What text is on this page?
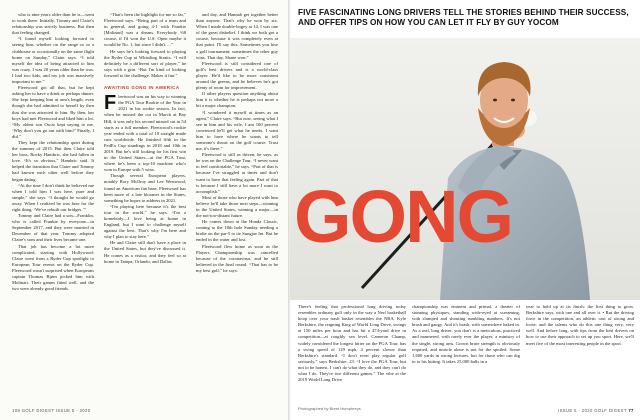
who is nine years older than he is—went to work there. Initially, Tommy and Claire's relationship was strictly business. But then that feeling changed.

“I found myself looking forward to seeing him, whether on the range or in a clubhouse or occasionally on the same flight home on Sunday,” Claire says. “I told myself the idea of being attracted to him was crazy. I was 20 years older than he was. I had two kids, and my job was massively important to me.”

Fleetwood got all that, but he kept asking her to have a drink or perhaps dinner. She kept keeping him at arm's length, even though she had admitted to herself by then that she was attracted to him. By then, her boys had met Fleetwood and liked him a lot. “My oldest son Oscar kept saying to me, ‘Why don't you go out with him?’ Finally, I did.”

They kept the relationship quiet during the summer of 2015. But then Claire told her boss, Rocky Hambric, she had fallen in love. “It's so obvious,” Hambric said. It helped the transition that Claire and Tommy had known each other well before they began dating.

“At the time I don't think he believed me when I told him I was here, pure and simple,” she says. “I thought he would go away. When I realized he was here for the right thing, ‘We've rebuilt our bridges.’”

Tommy and Claire had a son—Franklin, who is called Frankie by everyone—in September 2017, and they were married in December of that year. Tommy adopted Claire's sons and their lives became one.

That job has become a lot more complicated, starting with Hollywood: Claire went from a Ryder Cup spotlight to European Tour events on the Ryder Cup. Fleetwood wasn't surprised when Europeans captain Thomas Bjørn picked him with Molinari. Their games fitted well, and the two were already good friends.

“That's been the highlight for me so far,” Fleetwood says. “Being part of a team and in general, and going 4-1 with Frankie [Molinari] was a dream. Everybody ‘68 course, if I'd won the U.S. Open maybe it would be No. 1, but since I didn't.…”

He says he's looking forward to playing the Ryder Cup at Whistling Straits. “I will definitely be a different sort of player,” he says with a grin. “But I'm kind of looking forward to the challenge. Makes it fun.”

AWAITING GONG IN AMERICA

Fleetwood was on his way to winning the PGA Tour Rookie of the Year in 2021 in his rookie season. In fact, when he missed the cut in March at Bay Hill, it was only his second missed cut in 54 starts as a full member. Fleetwood's rookie year ended with a total of 10 straight made cuts worldwide. He finished fifth in the FedEx Cup standings in 2018 and 10th in 2019. But he's still looking for his first win in the United States—at the PGA Tour, where he's been a top-10 machine who's won in Europe with 5 wins.

Though several European players, notably Rory McIlroy and Lee Westwood, found an American fan base, Fleetwood has been more of a late bloomer in the States, something he hopes to address in 2021.

“I'm playing here because it's the best tour in the world,” he says. “I'm a homebody—I love being at home in England, but I want to challenge myself against the best. That's why I'm here and why I plan to stay here.”

He and Claire still don't have a place in the United States, but they've discussed it. He comes as a visitor, and they feel so at home in Tampa, Orlando, and Dallas.

and day, and Hannah get together better than anyone. That's why he won by six. When I made double-bogey at 14, I was one of the great disbelief. I think we both got a course, because it was completely even at that point. I'll say this: Sometimes you lose a golf tournament; sometimes the other guy wins. That day, Shane won.”

Fleetwood is still considered one of golf's best drivers and is a world-class player. He'd like to be more consistent around the greens, and he believes he's got plenty of room for improvement.

If other players question anything about him it is whether he is perhaps not more a hit a major champion.

“I wondered it myself at times as an agent,” Claire says. “But now, seeing what I see in him and his wife, I am 100 percent convinced he'll get what he needs. I want him to have where he wants to tell someone's throat on the golf course. Trust me, it's there.”

Fleetwood is still as driven, he says, as he was on the Challenge Tour. “I never want to feel comfortable,” he says. “Part of that is because I've struggled at times and don't want to have that feeling again. Part of that is because I still have a lot more I want to accomplish.”

Most of those who have played with him believe he'll take those next steps—winning in the United States, winning a major—in the not-too-distant future.

He comes down at the Honda Classic, coming to the 18th hole Sunday needing a birdie on the par-5 to tie Sungjae Im. But he ended in the water and lost.

Fleetwood flew home as soon as the Players Championship was cancelled because of the coronavirus, and he still believed in the final round. “That has to be my best golf,” he says.

108 GOLF DIGEST ISSUE 5 · 2020
FIVE FASCINATING LONG DRIVERS TELL THE STORIES BEHIND THEIR SUCCESS, AND OFFER TIPS ON HOW YOU CAN LET IT FLY BY GUY YOCOM
GONG

There's feeling that professional long driving today resembles ordinary golf only in the way a Nerf basketball hoop over your trash basket resembles the NBA. Kyle Berkshire, the reigning King of World Long Drive, swings at 150 miles per hour and has hit a 474-yard drive in competition—at roughly sea level. Cameron Champ, widely considered the longest hitter on the PGA Tour, has a swing speed of 129 mph, 4 percent slower than Berkshire's standard. “I don't even play regular golf seriously,” says Berkshire, 23. “I love the PGA Tour, but not to be honest. I can't do what they do, and they can't do what I do. They're two different games.” The vibe at the 2019 World Long Drive

championship was eminent and primal, a theater of stunning physiques, standing wide-eyed at screaming, with slumped and shouting rumbling numbers. It's not brash and gaugy. And it's brash, with somewhere baked in. As a real, long driver, you don't is a meticulous, practiced and mannered, with rarely ever the player, a ministry of the single, strong arm. Grown brute strength is obviously required, and muscle alone is not for the spoiled. Some 1,600 yards in strong lectures, but for those who can dig in to his hitting. It takes 25,000 balls in a

year to hold up at its finish: the first thing to grow. Berkshire says, with one and all over it. • But the driving force in the competition, an athletic cast of strong and loose, and the talents who do this one thing very, very well. And before long, with tips from the best drivers on how to use their approach to set up you sport. Here, we'll meet five of the most interesting people in the sport.

Photographed by Brent Humphreys	ISSUE 5 · 2020 GOLF DIGEST 77
